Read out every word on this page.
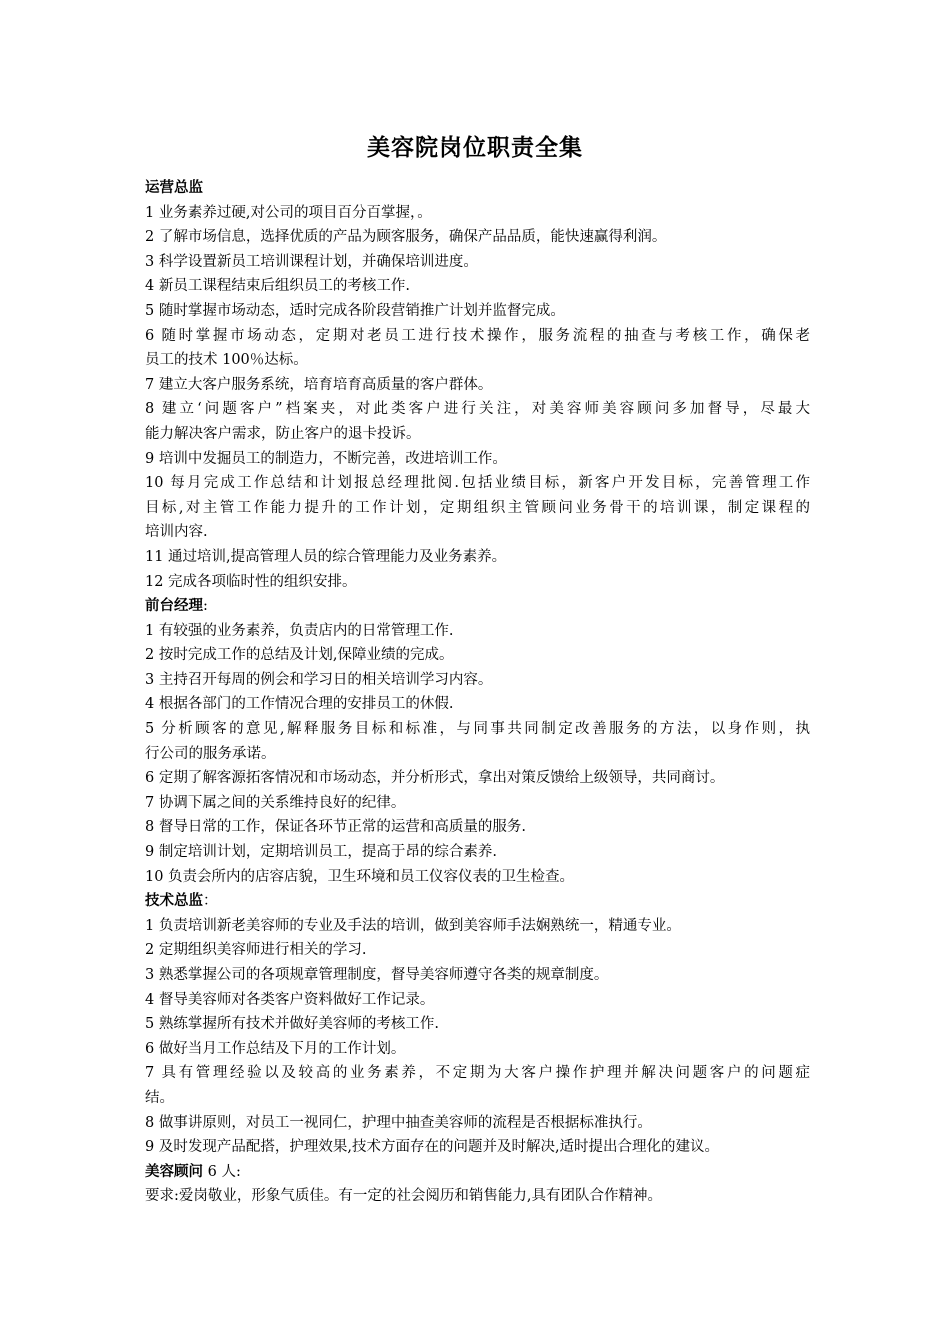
美容院岗位职责全集
运营总监
1 业务素养过硬,对公司的项目百分百掌握，。
2 了解市场信息，选择优质的产品为顾客服务，确保产品品质，能快速赢得利润。
3 科学设置新员工培训课程计划，并确保培训进度。
4 新员工课程结束后组织员工的考核工作.
5 随时掌握市场动态，适时完成各阶段营销推广计划并监督完成。
6 随时掌握市场动态，定期对老员工进行技术操作，服务流程的抽查与考核工作，确保老
员工的技术 100％达标。
7 建立大客户服务系统，培育培育高质量的客户群体。
8 建立‘问题客户”档案夹，对此类客户进行关注，对美容师美容顾问多加督导，尽最大
能力解决客户需求，防止客户的退卡投诉。
9 培训中发掘员工的制造力，不断完善，改进培训工作。
10 每月完成工作总结和计划报总经理批阅.包括业绩目标，新客户开发目标，完善管理工作
目标,对主管工作能力提升的工作计划，定期组织主管顾问业务骨干的培训课，制定课程的
培训内容.
11 通过培训,提高管理人员的综合管理能力及业务素养。
12 完成各项临时性的组织安排。
前台经理:
1 有较强的业务素养，负责店内的日常管理工作.
2 按时完成工作的总结及计划,保障业绩的完成。
3 主持召开每周的例会和学习日的相关培训学习内容。
4 根据各部门的工作情况合理的安排员工的休假.
5 分析顾客的意见,解释服务目标和标准，与同事共同制定改善服务的方法，以身作则，执
行公司的服务承诺。
6 定期了解客源拓客情况和市场动态，并分析形式，拿出对策反馈给上级领导，共同商讨。
7 协调下属之间的关系维持良好的纪律。
8 督导日常的工作，保证各环节正常的运营和高质量的服务.
9 制定培训计划，定期培训员工，提高于昂的综合素养.
10 负责会所内的店容店貌，卫生环境和员工仪容仪表的卫生检查。
技术总监：
1 负责培训新老美容师的专业及手法的培训，做到美容师手法娴熟统一，精通专业。
2 定期组织美容师进行相关的学习.
3 熟悉掌握公司的各项规章管理制度，督导美容师遵守各类的规章制度。
4 督导美容师对各类客户资料做好工作记录。
5 熟练掌握所有技术并做好美容师的考核工作.
6 做好当月工作总结及下月的工作计划。
7 具有管理经验以及较高的业务素养，不定期为大客户操作护理并解决问题客户的问题症
结。
8 做事讲原则，对员工一视同仁，护理中抽查美容师的流程是否根据标准执行。
9 及时发现产品配搭，护理效果,技术方面存在的问题并及时解决,适时提出合理化的建议。
美容顾问 6 人:
要求:爱岗敬业，形象气质佳。有一定的社会阅历和销售能力,具有团队合作精神。
